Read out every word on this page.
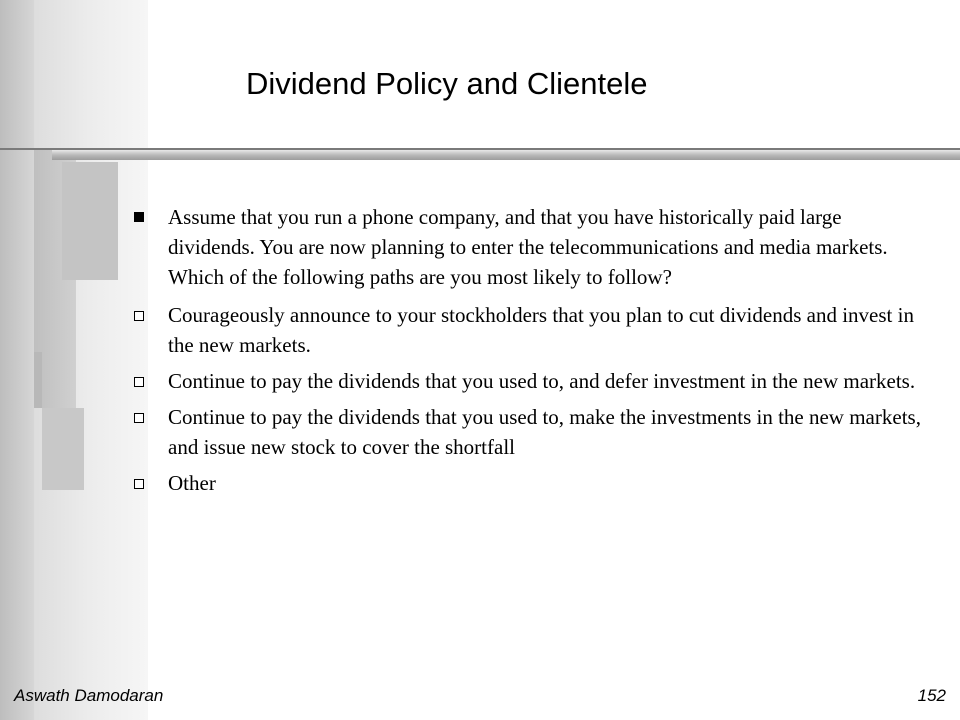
Dividend Policy and Clientele
Assume that you run a phone company, and that you have historically paid large dividends. You are now planning to enter the telecommunications and media markets. Which of the following paths are you most likely to follow?
Courageously announce to your stockholders that you plan to cut dividends and invest in the new markets.
Continue to pay the dividends that you used to, and defer investment in the new markets.
Continue to pay the dividends that you used to, make the investments in the new markets, and issue new stock to cover the shortfall
Other
Aswath Damodaran	152
